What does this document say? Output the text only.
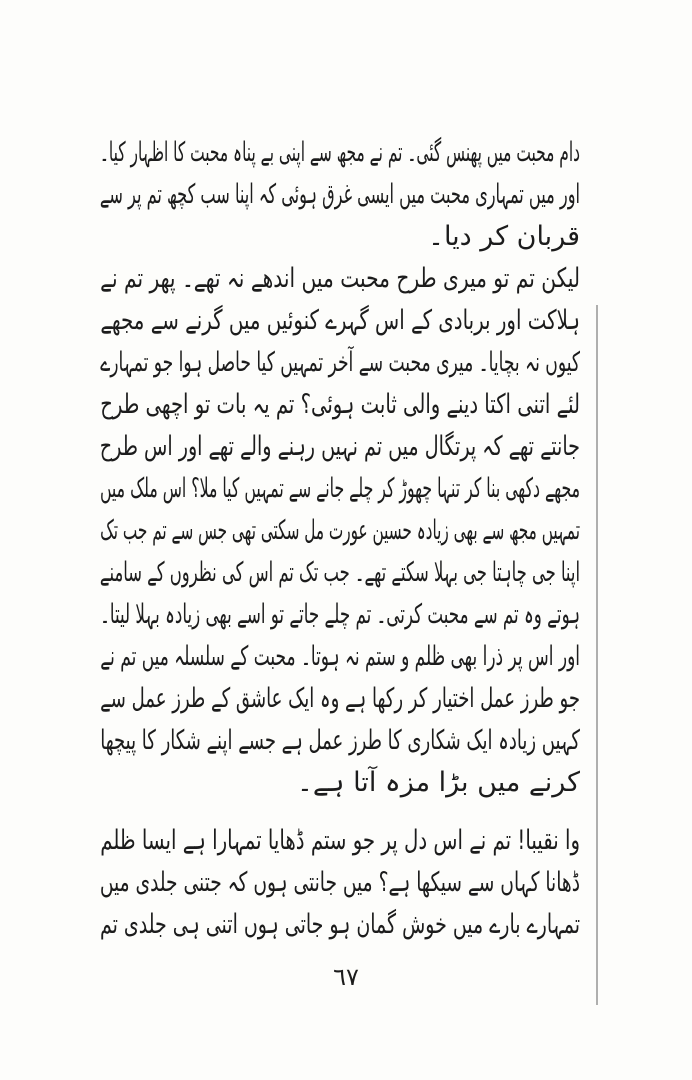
دام محبت میں پھنس گئی۔ تم نے مجھ سے اپنی بے پناہ محبت کا اظہار کیا۔
اور میں تمہاری محبت میں ایسی غرق ہوئی کہ اپنا سب کچھ تم پر سے
قربان کر دیا۔
لیکن تم تو میری طرح محبت میں اندھے نہ تھے۔ پھر تم نے
ہلاکت اور بربادی کے اس گہرے کنوئیں میں گرنے سے مجھے
کیوں نہ بچایا۔ میری محبت سے آخر تمہیں کیا حاصل ہوا جو تمہارے
لئے اتنی اکتا دینے والی ثابت ہوئی؟ تم یہ بات تو اچھی طرح
جانتے تھے کہ پرتگال میں تم نہیں رہنے والے تھے اور اس طرح
مجھے دکھی بنا کر تنہا چھوڑ کر چلے جانے سے تمہیں کیا ملا؟ اس ملک میں
تمہیں مجھ سے بھی زیادہ حسین عورت مل سکتی تھی جس سے تم جب تک
اپنا جی چاہتا جی بہلا سکتے تھے۔ جب تک تم اس کی نظروں کے سامنے
ہوتے وہ تم سے محبت کرتی۔ تم چلے جاتے تو اسے بھی زیادہ بہلا لیتا۔
اور اس پر ذرا بھی ظلم و ستم نہ ہوتا۔ محبت کے سلسلہ میں تم نے
جو طرز عمل اختیار کر رکھا ہے وہ ایک عاشق کے طرز عمل سے
کہیں زیادہ ایک شکاری کا طرز عمل ہے جسے اپنے شکار کا پیچھا
کرنے میں بڑا مزہ آتا ہے۔
وا نقیبا! تم نے اس دل پر جو ستم ڈھایا تمہارا ہے ایسا ظلم
ڈھانا کہاں سے سیکھا ہے؟ میں جانتی ہوں کہ جتنی جلدی میں
تمہارے بارے میں خوش گمان ہو جاتی ہوں اتنی ہی جلدی تم
٦٧
